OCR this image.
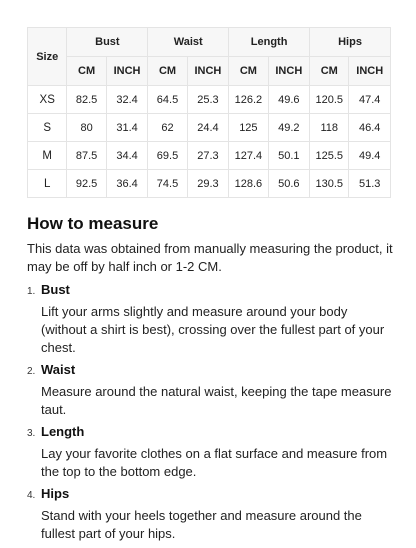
Size	Bust		Waist		Length		Hips	
	CM	INCH	CM	INCH	CM	INCH	CM	INCH
XS	82.5	32.4	64.5	25.3	126.2	49.6	120.5	47.4
S	80	31.4	62	24.4	125	49.2	118	46.4
M	87.5	34.4	69.5	27.3	127.4	50.1	125.5	49.4
L	92.5	36.4	74.5	29.3	128.6	50.6	130.5	51.3
How to measure

This data was obtained from manually measuring the product, it may be off by half inch or 1-2 CM.

1. Bust

Lift your arms slightly and measure around your body (without a shirt is best), crossing over the fullest part of your chest.

2. Waist

Measure around the natural waist, keeping the tape measure taut.

3. Length

Lay your favorite clothes on a flat surface and measure from the top to the bottom edge.

4. Hips

Stand with your heels together and measure around the fullest part of your hips.
